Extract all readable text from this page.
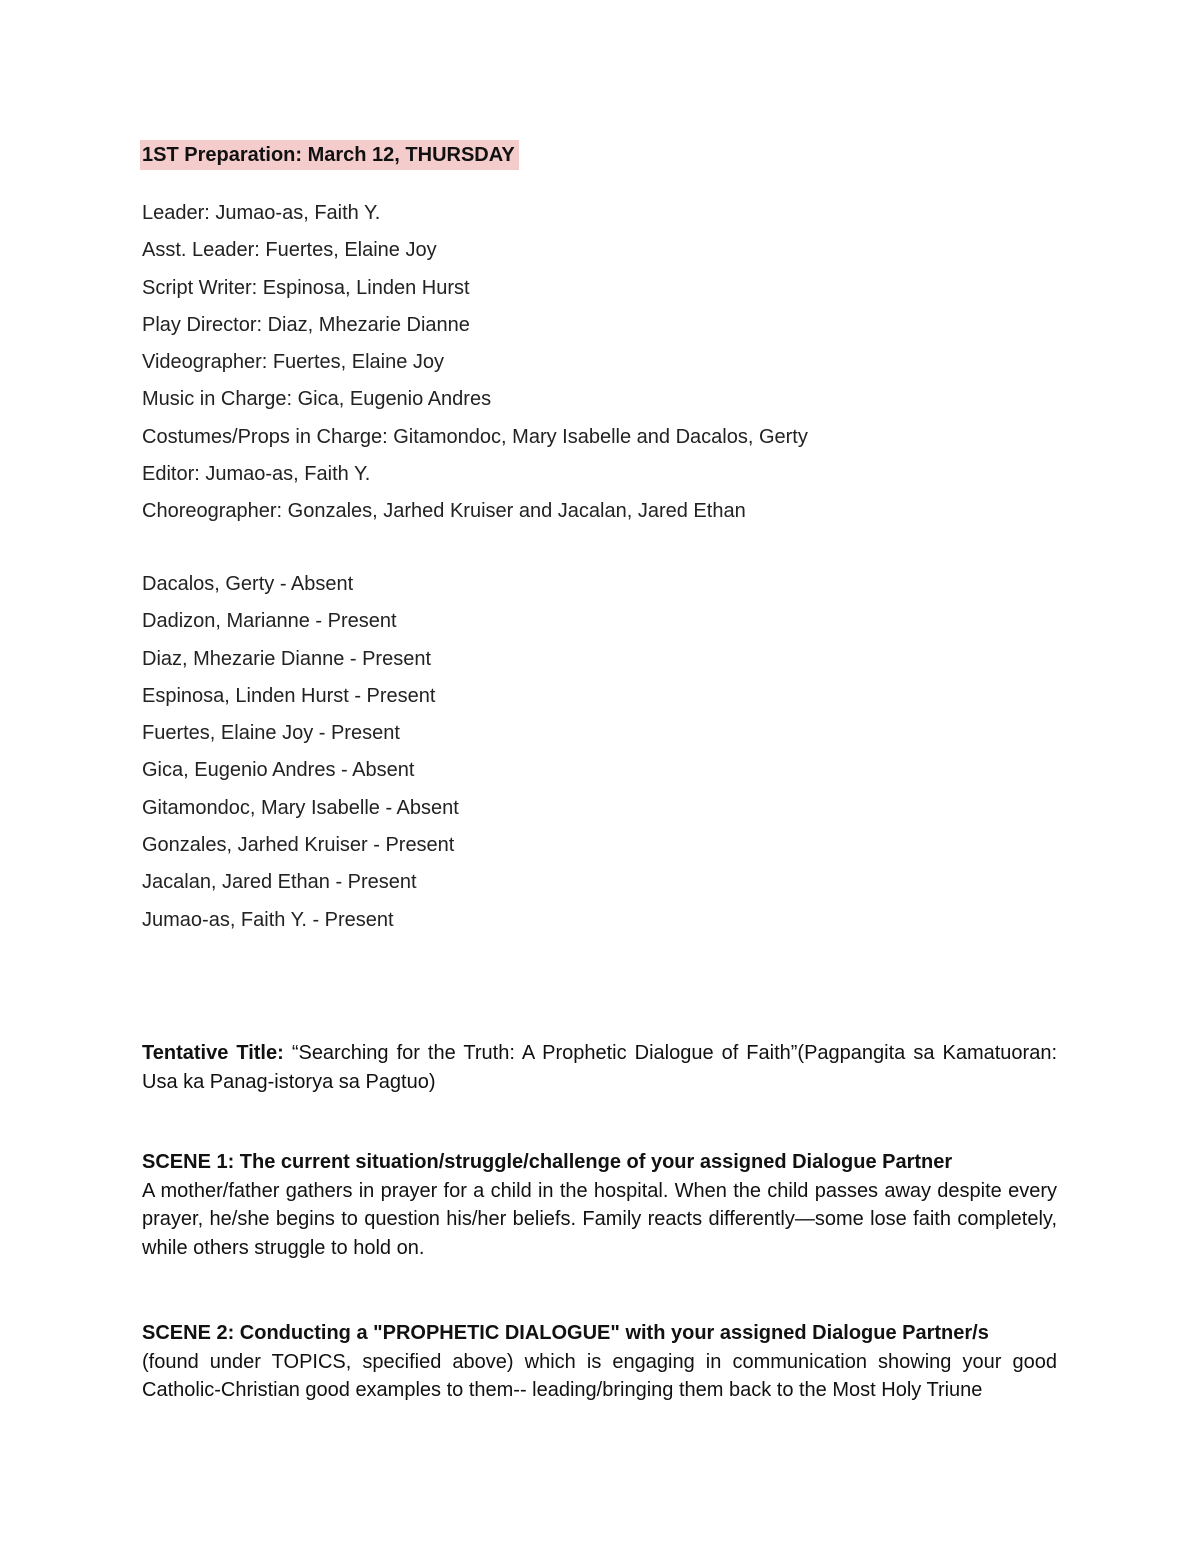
1ST Preparation: March 12, THURSDAY
Leader: Jumao-as, Faith Y.
Asst. Leader: Fuertes, Elaine Joy
Script Writer: Espinosa, Linden Hurst
Play Director: Diaz, Mhezarie Dianne
Videographer: Fuertes, Elaine Joy
Music in Charge: Gica, Eugenio Andres
Costumes/Props in Charge: Gitamondoc, Mary Isabelle and Dacalos, Gerty
Editor: Jumao-as, Faith Y.
Choreographer: Gonzales, Jarhed Kruiser and Jacalan, Jared Ethan
Dacalos, Gerty - Absent
Dadizon, Marianne - Present
Diaz, Mhezarie Dianne - Present
Espinosa, Linden Hurst - Present
Fuertes, Elaine Joy - Present
Gica, Eugenio Andres - Absent
Gitamondoc, Mary Isabelle - Absent
Gonzales, Jarhed Kruiser - Present
Jacalan, Jared Ethan - Present
Jumao-as, Faith Y. - Present
Tentative Title: “Searching for the Truth: A Prophetic Dialogue of Faith”(Pagpangita sa Kamatuoran: Usa ka Panag-istorya sa Pagtuo)
SCENE 1: The current situation/struggle/challenge of your assigned Dialogue Partner
A mother/father gathers in prayer for a child in the hospital. When the child passes away despite every prayer, he/she begins to question his/her beliefs. Family reacts differently—some lose faith completely, while others struggle to hold on.
SCENE 2: Conducting a "PROPHETIC DIALOGUE" with your assigned Dialogue Partner/s
(found under TOPICS, specified above) which is engaging in communication showing your good Catholic-Christian good examples to them-- leading/bringing them back to the Most Holy Triune
